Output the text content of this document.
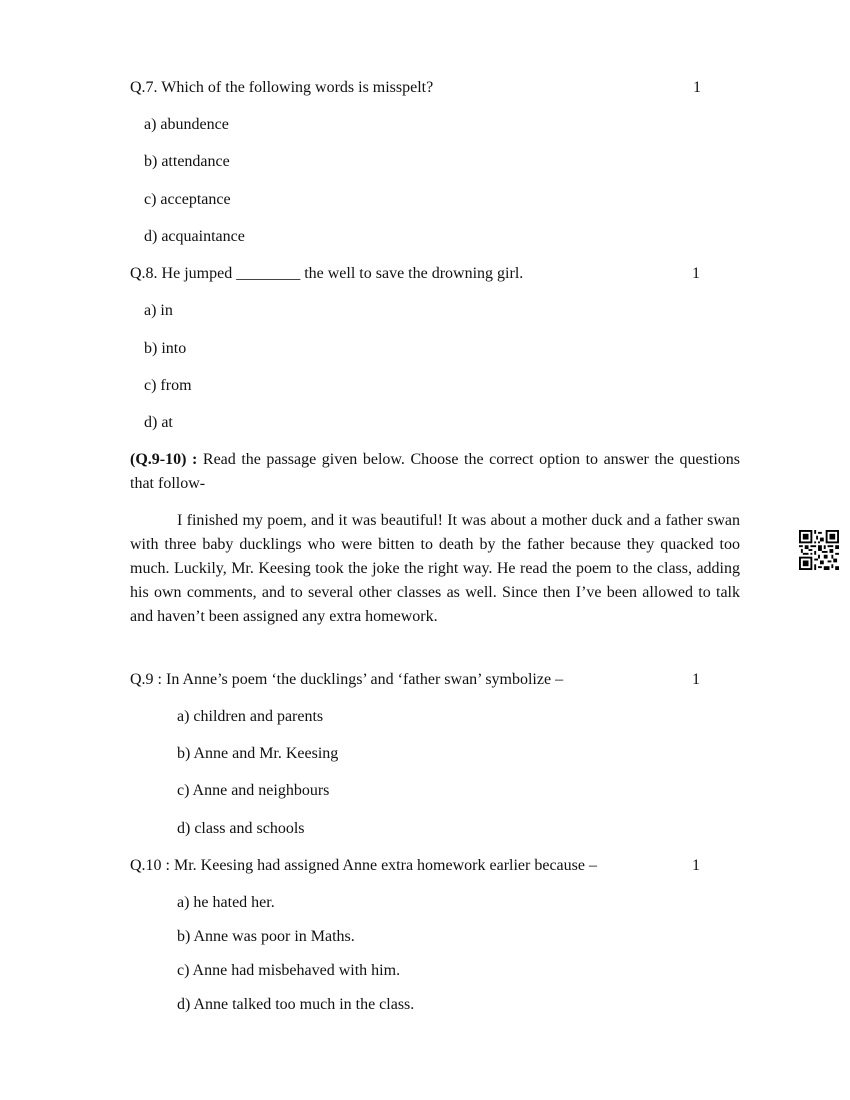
Q.7. Which of the following words is misspelt?	1
a) abundence
b) attendance
c) acceptance
d) acquaintance
Q.8. He jumped ________ the well to save the drowning girl.	1
a) in
b) into
c) from
d) at
(Q.9-10) : Read the passage given below. Choose the correct option to answer the questions that follow-
I finished my poem, and it was beautiful! It was about a mother duck and a father swan with three baby ducklings who were bitten to death by the father because they quacked too much. Luckily, Mr. Keesing took the joke the right way. He read the poem to the class, adding his own comments, and to several other classes as well. Since then I’ve been allowed to talk and haven’t been assigned any extra homework.
Q.9 : In Anne’s poem ‘the ducklings’ and ‘father swan’ symbolize –	1
a) children and parents
b) Anne and Mr. Keesing
c) Anne and neighbours
d) class and schools
Q.10 : Mr. Keesing had assigned Anne extra homework earlier because –	1
a) he hated her.
b) Anne was poor in Maths.
c) Anne had misbehaved with him.
d) Anne talked too much in the class.
